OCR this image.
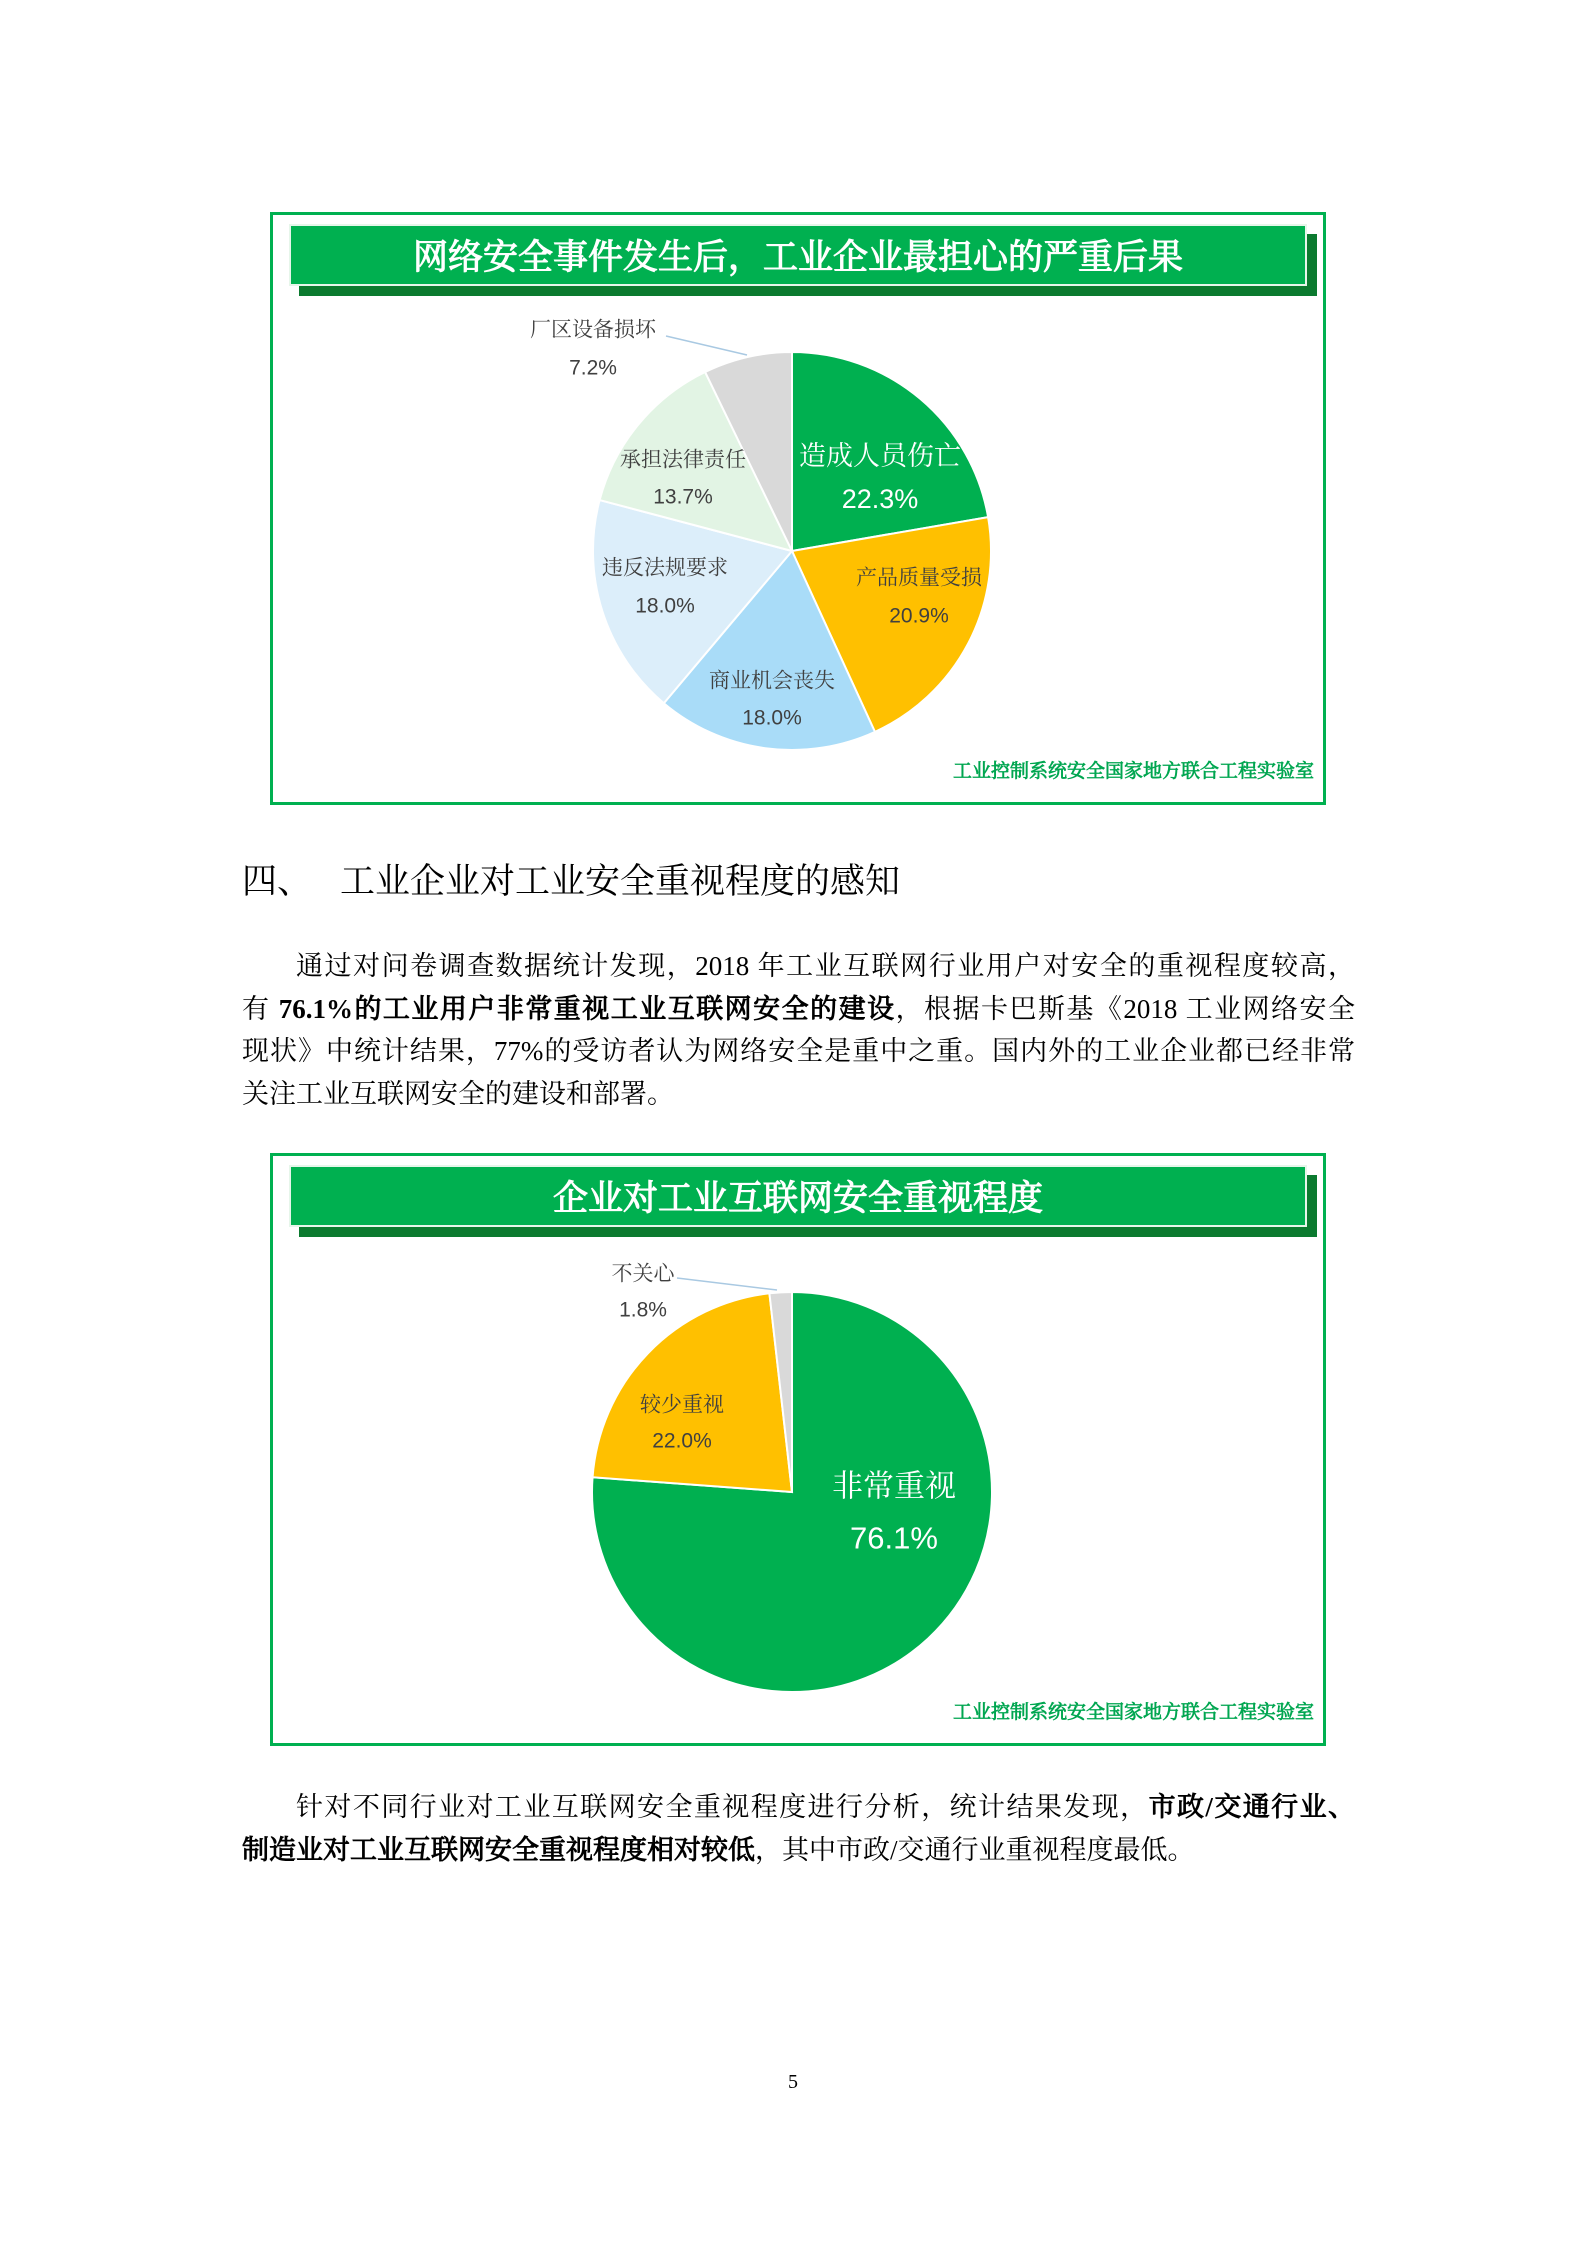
网络安全事件发生后，工业企业最担心的严重后果
造成人员伤亡
22.3%
产品质量受损
20.9%
商业机会丧失
18.0%
违反法规要求
18.0%
承担法律责任
13.7%
厂区设备损坏
7.2%
工业控制系统安全国家地方联合工程实验室
四、 工业企业对工业安全重视程度的感知
通过对问卷调查数据统计发现，2018 年工业互联网行业用户对安全的重视程度较高，
有 76.1%的工业用户非常重视工业互联网安全的建设，根据卡巴斯基《2018 工业网络安全
现状》中统计结果，77%的受访者认为网络安全是重中之重。国内外的工业企业都已经非常
关注工业互联网安全的建设和部署。
企业对工业互联网安全重视程度
非常重视
76.1%
较少重视
22.0%
不关心
1.8%
工业控制系统安全国家地方联合工程实验室
针对不同行业对工业互联网安全重视程度进行分析，统计结果发现，市政/交通行业、
制造业对工业互联网安全重视程度相对较低，其中市政/交通行业重视程度最低。
5
